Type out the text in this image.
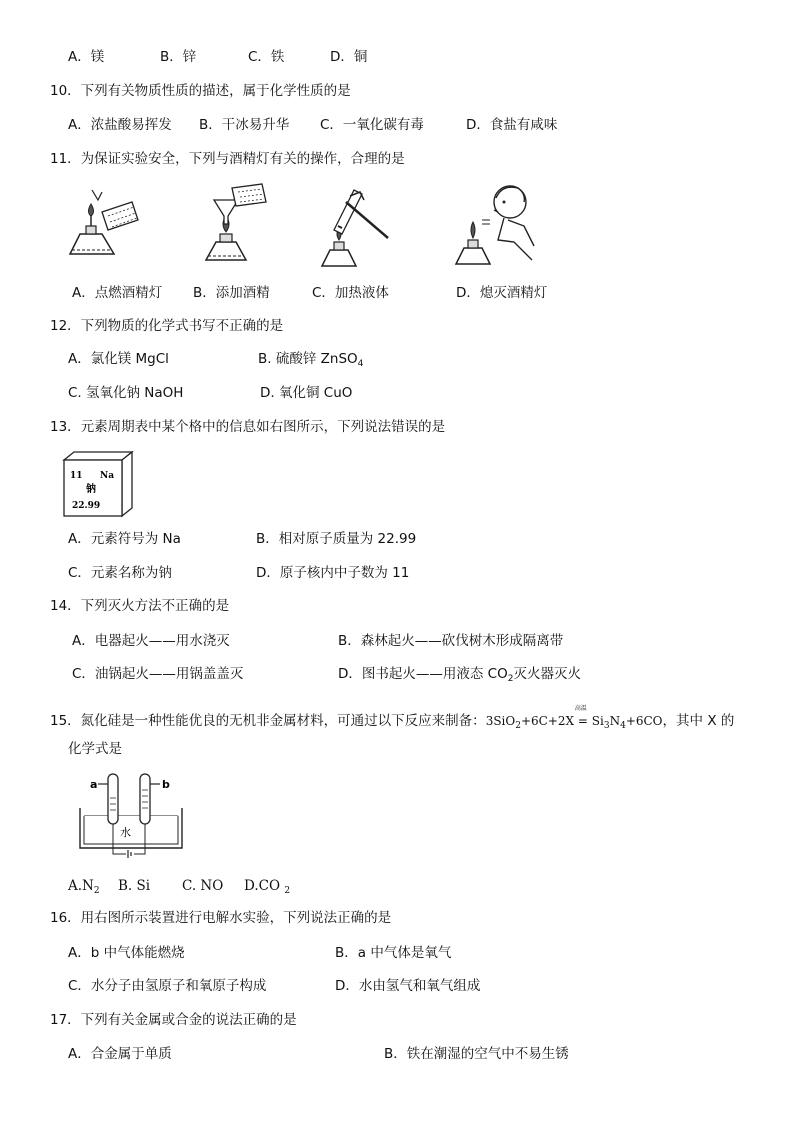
A．镁	B．锌	C．铁	D．铜
10．下列有关物质性质的描述，属于化学性质的是
A．浓盐酸易挥发 B．干冰易升华 C．一氧化碳有毒	D．食盐有咸味
11．为保证实验安全，下列与酒精灯有关的操作，合理的是
A．点燃酒精灯 B．添加酒精	C．加热液体	D．熄灭酒精灯
12．下列物质的化学式书写不正确的是
A．氯化镁 MgCl	B. 硫酸锌 ZnSO$_4$
C. 氢氧化钠 NaOH	D. 氧化铜 CuO
13．元素周期表中某个格中的信息如右图所示，下列说法错误的是
11 Na
钠
22.99
A．元素符号为 Na	B．相对原子质量为 22.99
C．元素名称为钠	D．原子核内中子数为 11
14．下列灭火方法不正确的是
A．电器起火——用水浇灭	B．森林起火——砍伐树木形成隔离带
C．油锅起火——用锅盖盖灭	D．图书起火——用液态 $CO_2$灭火器灭火
15．氮化硅是一种性能优良的无机非金属材料，可通过以下反应来制备：3SiO$_2$+6C+2X
高温
= $Si_3N_4+6CO$，其中 X 的
化学式是
a	b
水
$A.N_2$ B. Si C. NO D.CO $_2$
16．用右图所示装置进行电解水实验，下列说法正确的是
A．b 中气体能燃烧	B．a 中气体是氧气
C．水分子由氢原子和氧原子构成	D．水由氢气和氧气组成
17．下列有关金属或合金的说法正确的是
A．合金属于单质	B．铁在潮湿的空气中不易生锈
